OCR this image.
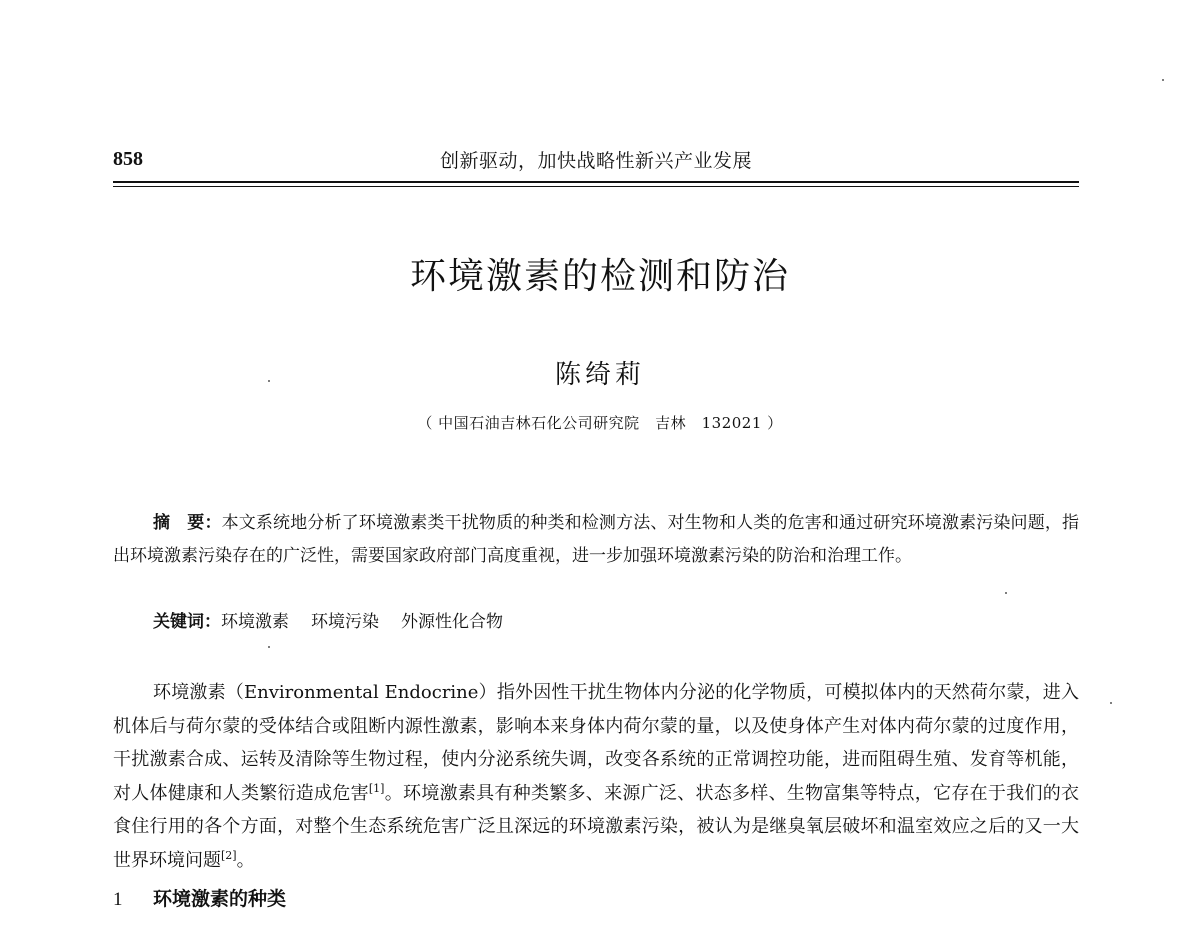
创新驱动，加快战略性新兴产业发展
858
环境激素的检测和防治
陈绮莉
（ 中国石油吉林石化公司研究院　吉林　132021 ）

摘　要：本文系统地分析了环境激素类干扰物质的种类和检测方法、对生物和人类的危害和通过研究环境激素污染问题，指出环境激素污染存在的广泛性，需要国家政府部门高度重视，进一步加强环境激素污染的防治和治理工作。

关键词：环境激素 环境污染 外源性化合物

环境激素（Environmental Endocrine）指外因性干扰生物体内分泌的化学物质，可模拟体内的天然荷尔蒙，进入机体后与荷尔蒙的受体结合或阻断内源性激素，影响本来身体内荷尔蒙的量，以及使身体产生对体内荷尔蒙的过度作用，干扰激素合成、运转及清除等生物过程，使内分泌系统失调，改变各系统的正常调控功能，进而阻碍生殖、发育等机能，对人体健康和人类繁衍造成危害[1]。环境激素具有种类繁多、来源广泛、状态多样、生物富集等特点，它存在于我们的衣食住行用的各个方面，对整个生态系统危害广泛且深远的环境激素污染，被认为是继臭氧层破坏和温室效应之后的又一大世界环境问题[2]。

1 环境激素的种类
